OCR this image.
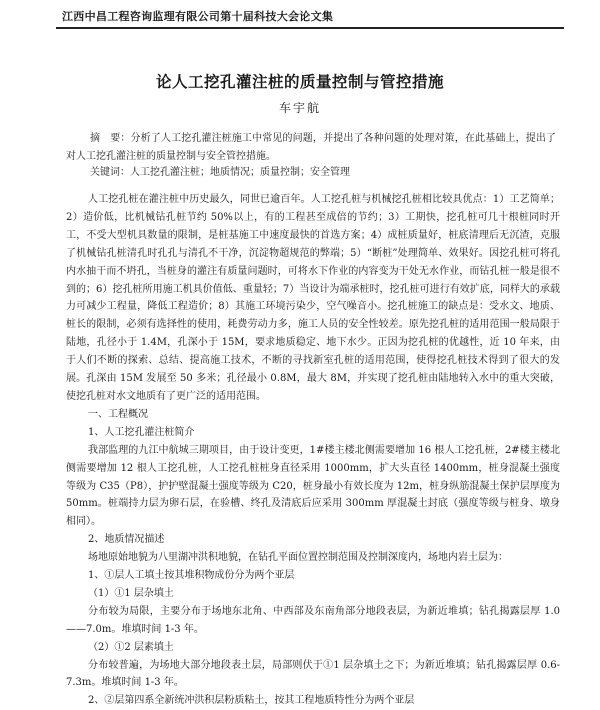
江西中昌工程咨询监理有限公司第十届科技大会论文集
论人工挖孔灌注桩的质量控制与管控措施
车宇航
摘　要：分析了人工挖孔灌注桩施工中常见的问题，并提出了各种问题的处理对策，在此基础上，提出了对人工挖孔灌注桩的质量控制与安全管控措施。
关键词：人工挖孔灌注桩；地质情况；质量控制；安全管理

人工挖孔桩在灌注桩中历史最久，同世已逾百年。人工挖孔桩与机械挖孔桩相比较具优点：1）工艺简单；2）造价低，比机械钻孔桩节约 50%以上，有的工程甚至成倍的节约；3）工期快，挖孔桩可几十根桩同时开工，不受大型机具数量的限制，是桩基施工中速度最快的首选方案；4）成桩质量好，桩底清理后无沉渣，克服了机械钻孔桩清孔时孔孔与清孔不干净，沉淀物超规范的弊端；5）“断桩”处理简单、效果好。因挖孔桩可将孔内水抽干而不坍孔，当桩身的灌注有质量问题时，可将水下作业的内容变为干处无水作业，而钻孔桩一般是很不到的；6）挖孔桩所用施工机具价值低、重量轻；7）当设计为端承桩时，挖孔桩可进行有效扩底，同样大的承载力可减少工程量，降低工程造价；8）其施工环境污染少，空气噪音小。挖孔桩施工的缺点是：受水文、地质、桩长的限制，必须有选择性的使用，耗费劳动力多，施工人员的安全性较差。原先挖孔桩的适用范围一般局限于陆地，孔径小于 1.4M，孔深小于 15M，要求地质稳定、地下水少。正因为挖孔桩的优越性，近 10 年来，由于人们不断的探索、总结、提高施工技术，不断的寻找新室孔桩的适用范围，使得挖孔桩技术得到了很大的发展。孔深由 15M 发展至 50 多米；孔径最小 0.8M，最大 8M，并实现了挖孔桩由陆地转入水中的重大突破，使挖孔桩对水文地质有了更广泛的适用范围。

一、工程概况

1、人工挖孔灌注桩简介

我部监理的九江中航城三期项目，由于设计变更，1#楼主楼北侧需要增加 16 根人工挖孔桩，2#楼主楼北侧需要增加 12 根人工挖孔桩，人工挖孔桩桩身直径采用 1000mm，扩大头直径 1400mm，桩身混凝土强度等级为 C35（P8），护护壁混凝土强度等级为 C20，桩身最小有效长度为 12m，桩身纵筋混凝土保护层厚度为 50mm。桩端持力层为卵石层，在验槽、终孔及清底后应采用 300mm 厚混凝土封底（强度等级与桩身、墩身相同）。

2、地质情况描述

场地原始地貌为八里湖冲洪积地貌，在钻孔平面位置控制范围及控制深度内，场地内岩土层为：

1、①层人工填土按其堆积物成份分为两个亚层

（1）①1 层杂填土

分布较为局限，主要分布于场地东北角、中西部及东南角部分地段表层，为新近堆填；钻孔揭露层厚 1.0——7.0m。堆填时间 1-3 年。

（2）①2 层素填土

分布较普遍，为场地大部分地段表土层，局部则伏于①1 层杂填土之下；为新近堆填；钻孔揭露层厚 0.6-7.3m。堆填时间 1-3 年。

2、②层第四系全新统冲洪积层粉质粘土，按其工程地质特性分为两个亚层
